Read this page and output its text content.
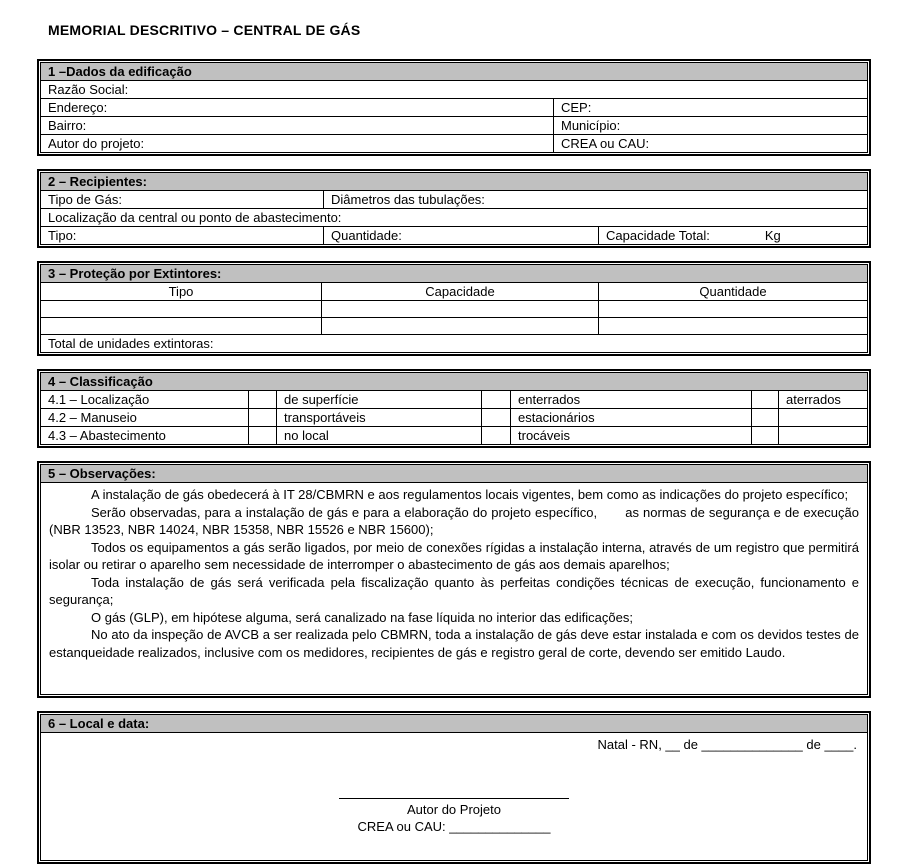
MEMORIAL DESCRITIVO – CENTRAL DE GÁS
1 –Dados da edificação	
Razão Social:	
Endereço:	CEP:
Bairro:	Município:
Autor do projeto:	CREA ou CAU:
2 – Recipientes:		
Tipo de Gás:	Diâmetros das tubulações:	
Localização da central ou ponto de abastecimento:		
Tipo:	Quantidade:	Capacidade Total: Kg
3 – Proteção por Extintores:		
Tipo	Capacidade	Quantidade

Total de unidades extintoras:		
4 – Classificação						
4.1 – Localização		de superfície		enterrados		aterrados
4.2 – Manuseio		transportáveis		estacionários		
4.3 – Abastecimento		no local		trocáveis		
5 – Observações:

A instalação de gás obedecerá à IT 28/CBMRN e aos regulamentos locais vigentes, bem como as indicações do projeto específico;

Serão observadas, para a instalação de gás e para a elaboração do projeto específico,       as normas de segurança e de execução (NBR 13523, NBR 14024, NBR 15358, NBR 15526 e NBR 15600);

Todos os equipamentos a gás serão ligados, por meio de conexões rígidas a instalação interna, através de um registro que permitirá isolar ou retirar o aparelho sem necessidade de interromper o abastecimento de gás aos demais aparelhos;

Toda instalação de gás será verificada pela fiscalização quanto às perfeitas condições técnicas de execução, funcionamento e segurança;

O gás (GLP), em hipótese alguma, será canalizado na fase líquida no interior das edificações;

No ato da inspeção de AVCB a ser realizada pelo CBMRN, toda a instalação de gás deve estar instalada e com os devidos testes de estanqueidade realizados, inclusive com os medidores, recipientes de gás e registro geral de corte, devendo ser emitido Laudo.

6 – Local e data:

Natal - RN, __ de ______________ de ____.
Autor do Projeto
CREA ou CAU: ______________
